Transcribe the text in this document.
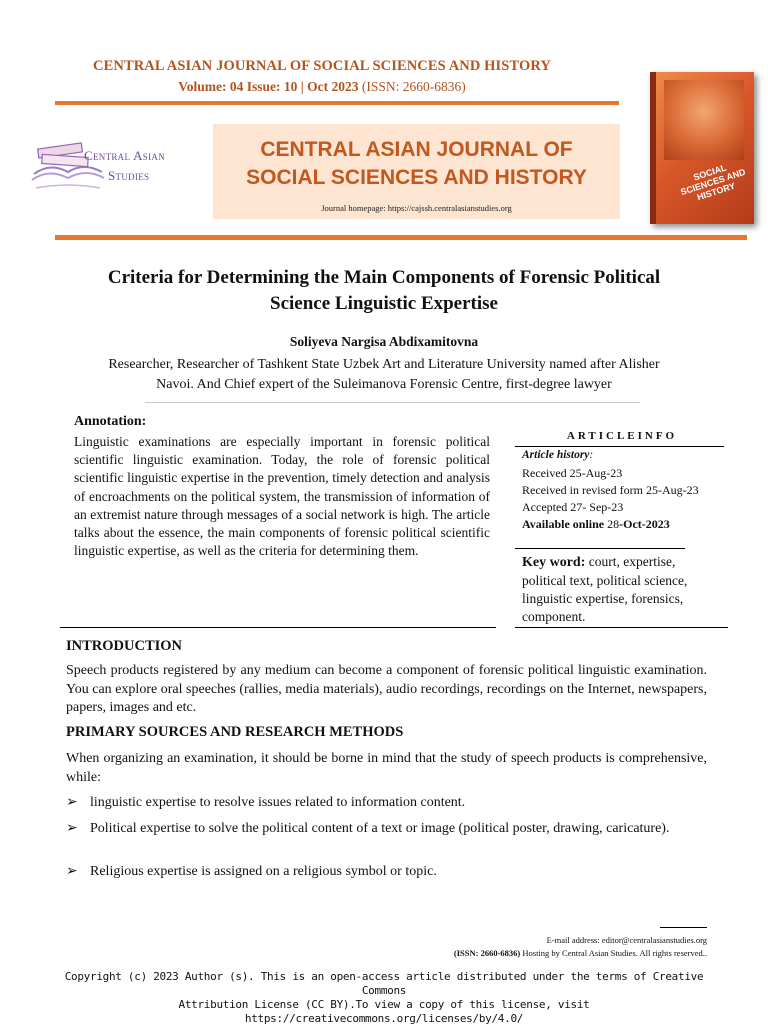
CENTRAL ASIAN JOURNAL OF SOCIAL SCIENCES AND HISTORY
Volume: 04 Issue: 10 | Oct 2023 (ISSN: 2660-6836)
Central Asian
Studies
CENTRAL ASIAN JOURNAL OF
SOCIAL SCIENCES AND HISTORY
Journal homepage: https://cajssh.centralasianstudies.org
SOCIAL SCIENCES AND HISTORY
Criteria for Determining the Main Components of Forensic Political
Science Linguistic Expertise
Soliyeva Nargisa Abdixamitovna
Researcher, Researcher of Tashkent State Uzbek Art and Literature University named after Alisher
Navoi. And Chief expert of the Suleimanova Forensic Centre, first-degree lawyer
Annotation:
Linguistic examinations are especially important in forensic political scientific linguistic examination. Today, the role of forensic political scientific linguistic expertise in the prevention, timely detection and analysis of encroachments on the political system, the transmission of information of an extremist nature through messages of a social network is high. The article talks about the essence, the main components of forensic political scientific linguistic expertise, as well as the criteria for determining them.
ARTICLEINFO
Article history:
Received 25-Aug-23
Received in revised form 25-Aug-23
Accepted 27- Sep-23
Available online 28-Oct-2023
Key word: court, expertise, political text, political science, linguistic expertise, forensics, component.
INTRODUCTION
Speech products registered by any medium can become a component of forensic political linguistic examination. You can explore oral speeches (rallies, media materials), audio recordings, recordings on the Internet, newspapers, papers, images and etc.
PRIMARY SOURCES AND RESEARCH METHODS
When organizing an examination, it should be borne in mind that the study of speech products is comprehensive, while:
➢ linguistic expertise to resolve issues related to information content.
➢ Political expertise to solve the political content of a text or image (political poster, drawing, caricature).
➢ Religious expertise is assigned on a religious symbol or topic.
E-mail address: editor@centralasianstudies.org
(ISSN: 2660-6836) Hosting by Central Asian Studies. All rights reserved..
Copyright (c) 2023 Author (s). This is an open-access article distributed under the terms of Creative Commons
Attribution License (CC BY).To view a copy of this license, visit https://creativecommons.org/licenses/by/4.0/
